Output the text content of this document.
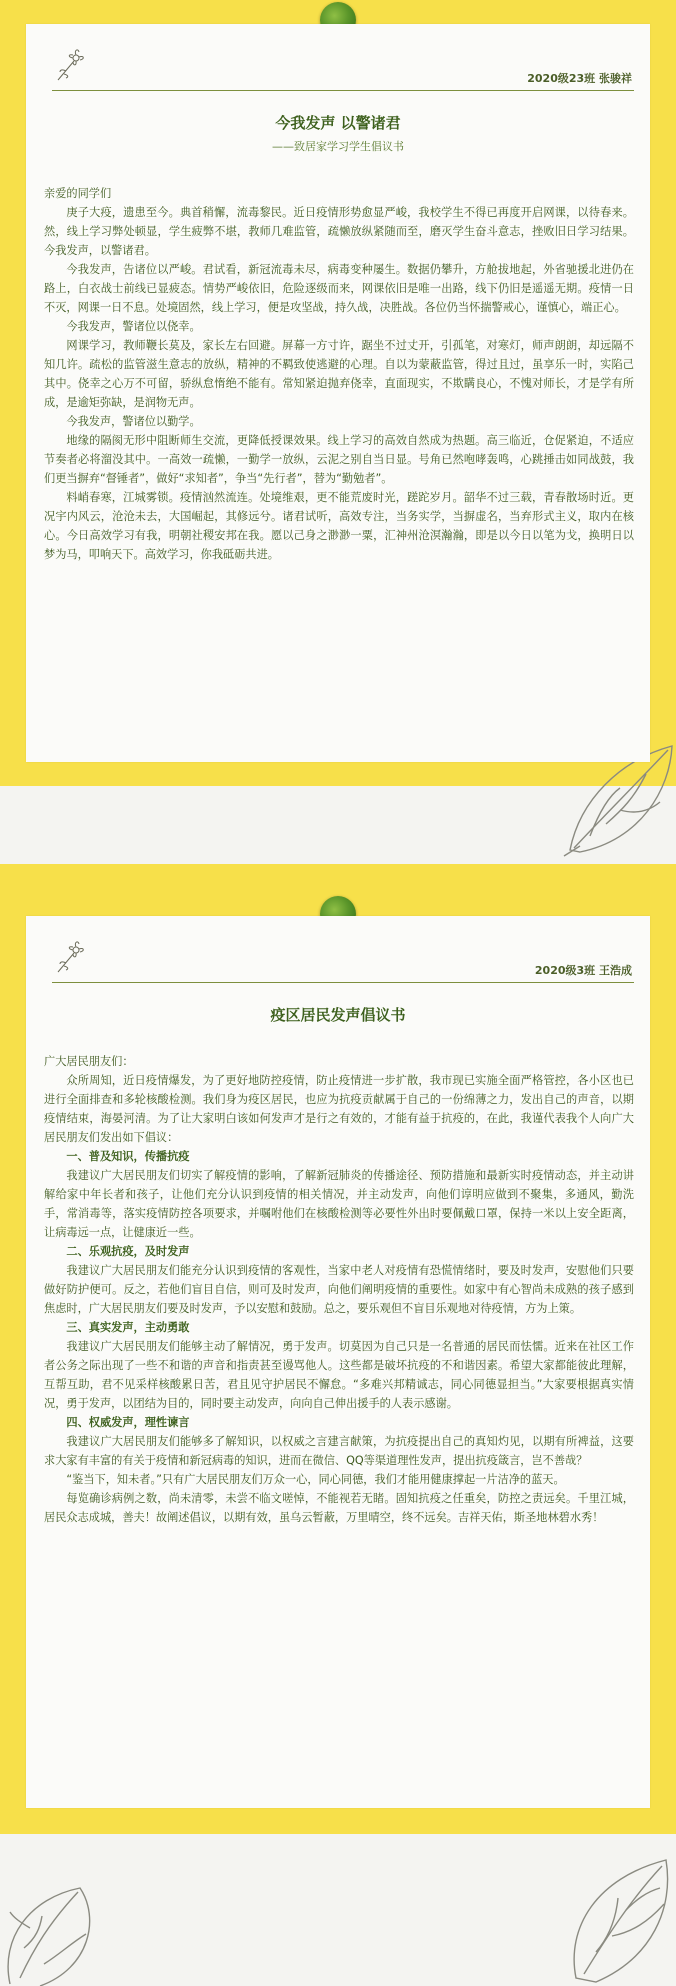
2020级23班 张骏祥
今我发声 以警诸君
——致居家学习学生倡议书

亲爱的同学们

庚子大疫，遗患至今。典首稍懈，流毒黎民。近日疫情形势愈显严峻，我校学生不得已再度开启网课，以待春来。然，线上学习弊处顿显，学生疲弊不堪，教师几难监管，疏懒放纵紧随而至，磨灭学生奋斗意志，挫败旧日学习结果。今我发声，以警诸君。

今我发声，告诸位以严峻。君试看，新冠流毒未尽，病毒变种屡生。数据仍攀升，方舱拔地起，外省驰援北进仍在路上，白衣战士前线已显疲态。情势严峻依旧，危险逐级而来，网课依旧是唯一出路，线下仍旧是遥遥无期。疫情一日不灭，网课一日不息。处境固然，线上学习，便是攻坚战，持久战，决胜战。各位仍当怀揣警戒心，谨慎心，端正心。

今我发声，警诸位以侥幸。

网课学习，教师鞭长莫及，家长左右回避。屏幕一方寸许，踞坐不过丈开，引孤笔，对寒灯，师声朗朗，却远隔不知几许。疏松的监管滋生意志的放纵，精神的不羁致使逃避的心理。自以为蒙蔽监管，得过且过，虽享乐一时，实陷己其中。侥幸之心万不可留，骄纵怠惰绝不能有。常知紧迫抛弃侥幸，直面现实，不欺瞒良心，不愧对师长，才是学有所成，是逾矩弥缺，是润物无声。

今我发声，警诸位以勤学。

地缘的隔阂无形中阻断师生交流，更降低授课效果。线上学习的高效自然成为热题。高三临近，仓促紧迫，不适应节奏者必将溜没其中。一高效一疏懒，一勤学一放纵，云泥之别自当日显。号角已然咆哮轰鸣，心跳捶击如同战鼓，我们更当摒弃“督锤者”，做好“求知者”，争当“先行者”，替为“勤勉者”。

料峭春寒，江城雾锁。疫情汹然流连。处境维艰，更不能荒废时光，蹉跎岁月。韶华不过三载，青春散场时近。更况宇内风云，沧沧未去，大国崛起，其修远兮。诸君试听，高效专注，当务实学，当摒虚名，当弃形式主义，取内在核心。今日高效学习有我，明朝社稷安邦在我。愿以己身之渺渺一粟，汇神州沧溟瀚瀚，即是以今日以笔为戈，换明日以梦为马，叩响天下。高效学习，你我砥砺共进。

2020级3班 王浩成
疫区居民发声倡议书

广大居民朋友们：

众所周知，近日疫情爆发，为了更好地防控疫情，防止疫情进一步扩散，我市现已实施全面严格管控，各小区也已进行全面排查和多轮核酸检测。我们身为疫区居民，也应为抗疫贡献属于自己的一份绵薄之力，发出自己的声音，以期疫情结束，海晏河清。为了让大家明白该如何发声才是行之有效的，才能有益于抗疫的，在此，我谨代表我个人向广大居民朋友们发出如下倡议：

一、普及知识，传播抗疫

我建议广大居民朋友们切实了解疫情的影响，了解新冠肺炎的传播途径、预防措施和最新实时疫情动态，并主动讲解给家中年长者和孩子，让他们充分认识到疫情的相关情况，并主动发声，向他们谆明应做到不聚集，多通风，勤洗手，常消毒等，落实疫情防控各项要求，并嘱咐他们在核酸检测等必要性外出时要佩戴口罩，保持一米以上安全距离，让病毒远一点，让健康近一些。

二、乐观抗疫，及时发声

我建议广大居民朋友们能充分认识到疫情的客观性，当家中老人对疫情有恐慌情绪时，要及时发声，安慰他们只要做好防护便可。反之，若他们盲目自信，则可及时发声，向他们阐明疫情的重要性。如家中有心智尚未成熟的孩子感到焦虑时，广大居民朋友们要及时发声，予以安慰和鼓励。总之，要乐观但不盲目乐观地对待疫情，方为上策。

三、真实发声，主动勇敢

我建议广大居民朋友们能够主动了解情况，勇于发声。切莫因为自己只是一名普通的居民而怯懦。近来在社区工作者公务之际出现了一些不和谐的声音和指责甚至谩骂他人。这些都是破坏抗疫的不和谐因素。希望大家都能彼此理解，互帮互助，君不见采样核酸累日苦，君且见守护居民不懈怠。“多难兴邦精诚志，同心同德显担当。”大家要根据真实情况，勇于发声，以团结为目的，同时要主动发声，向向自己伸出援手的人表示感谢。

四、权威发声，理性谏言

我建议广大居民朋友们能够多了解知识，以权威之言建言献策，为抗疫提出自己的真知灼见，以期有所裨益，这要求大家有丰富的有关于疫情和新冠病毒的知识，进而在微信、QQ等渠道理性发声，提出抗疫箴言，岂不善哉？

“鉴当下，知未者。”只有广大居民朋友们万众一心，同心同德，我们才能用健康撑起一片洁净的蓝天。

每览确诊病例之数，尚未清零，未尝不临文嗟悼，不能视若无睹。固知抗疫之任重矣，防控之责远矣。千里江城，居民众志成城，善夫！故阐述倡议，以期有效，虽乌云暂蔽，万里晴空，终不远矣。吉祥天佑，斯圣地林碧水秀！
